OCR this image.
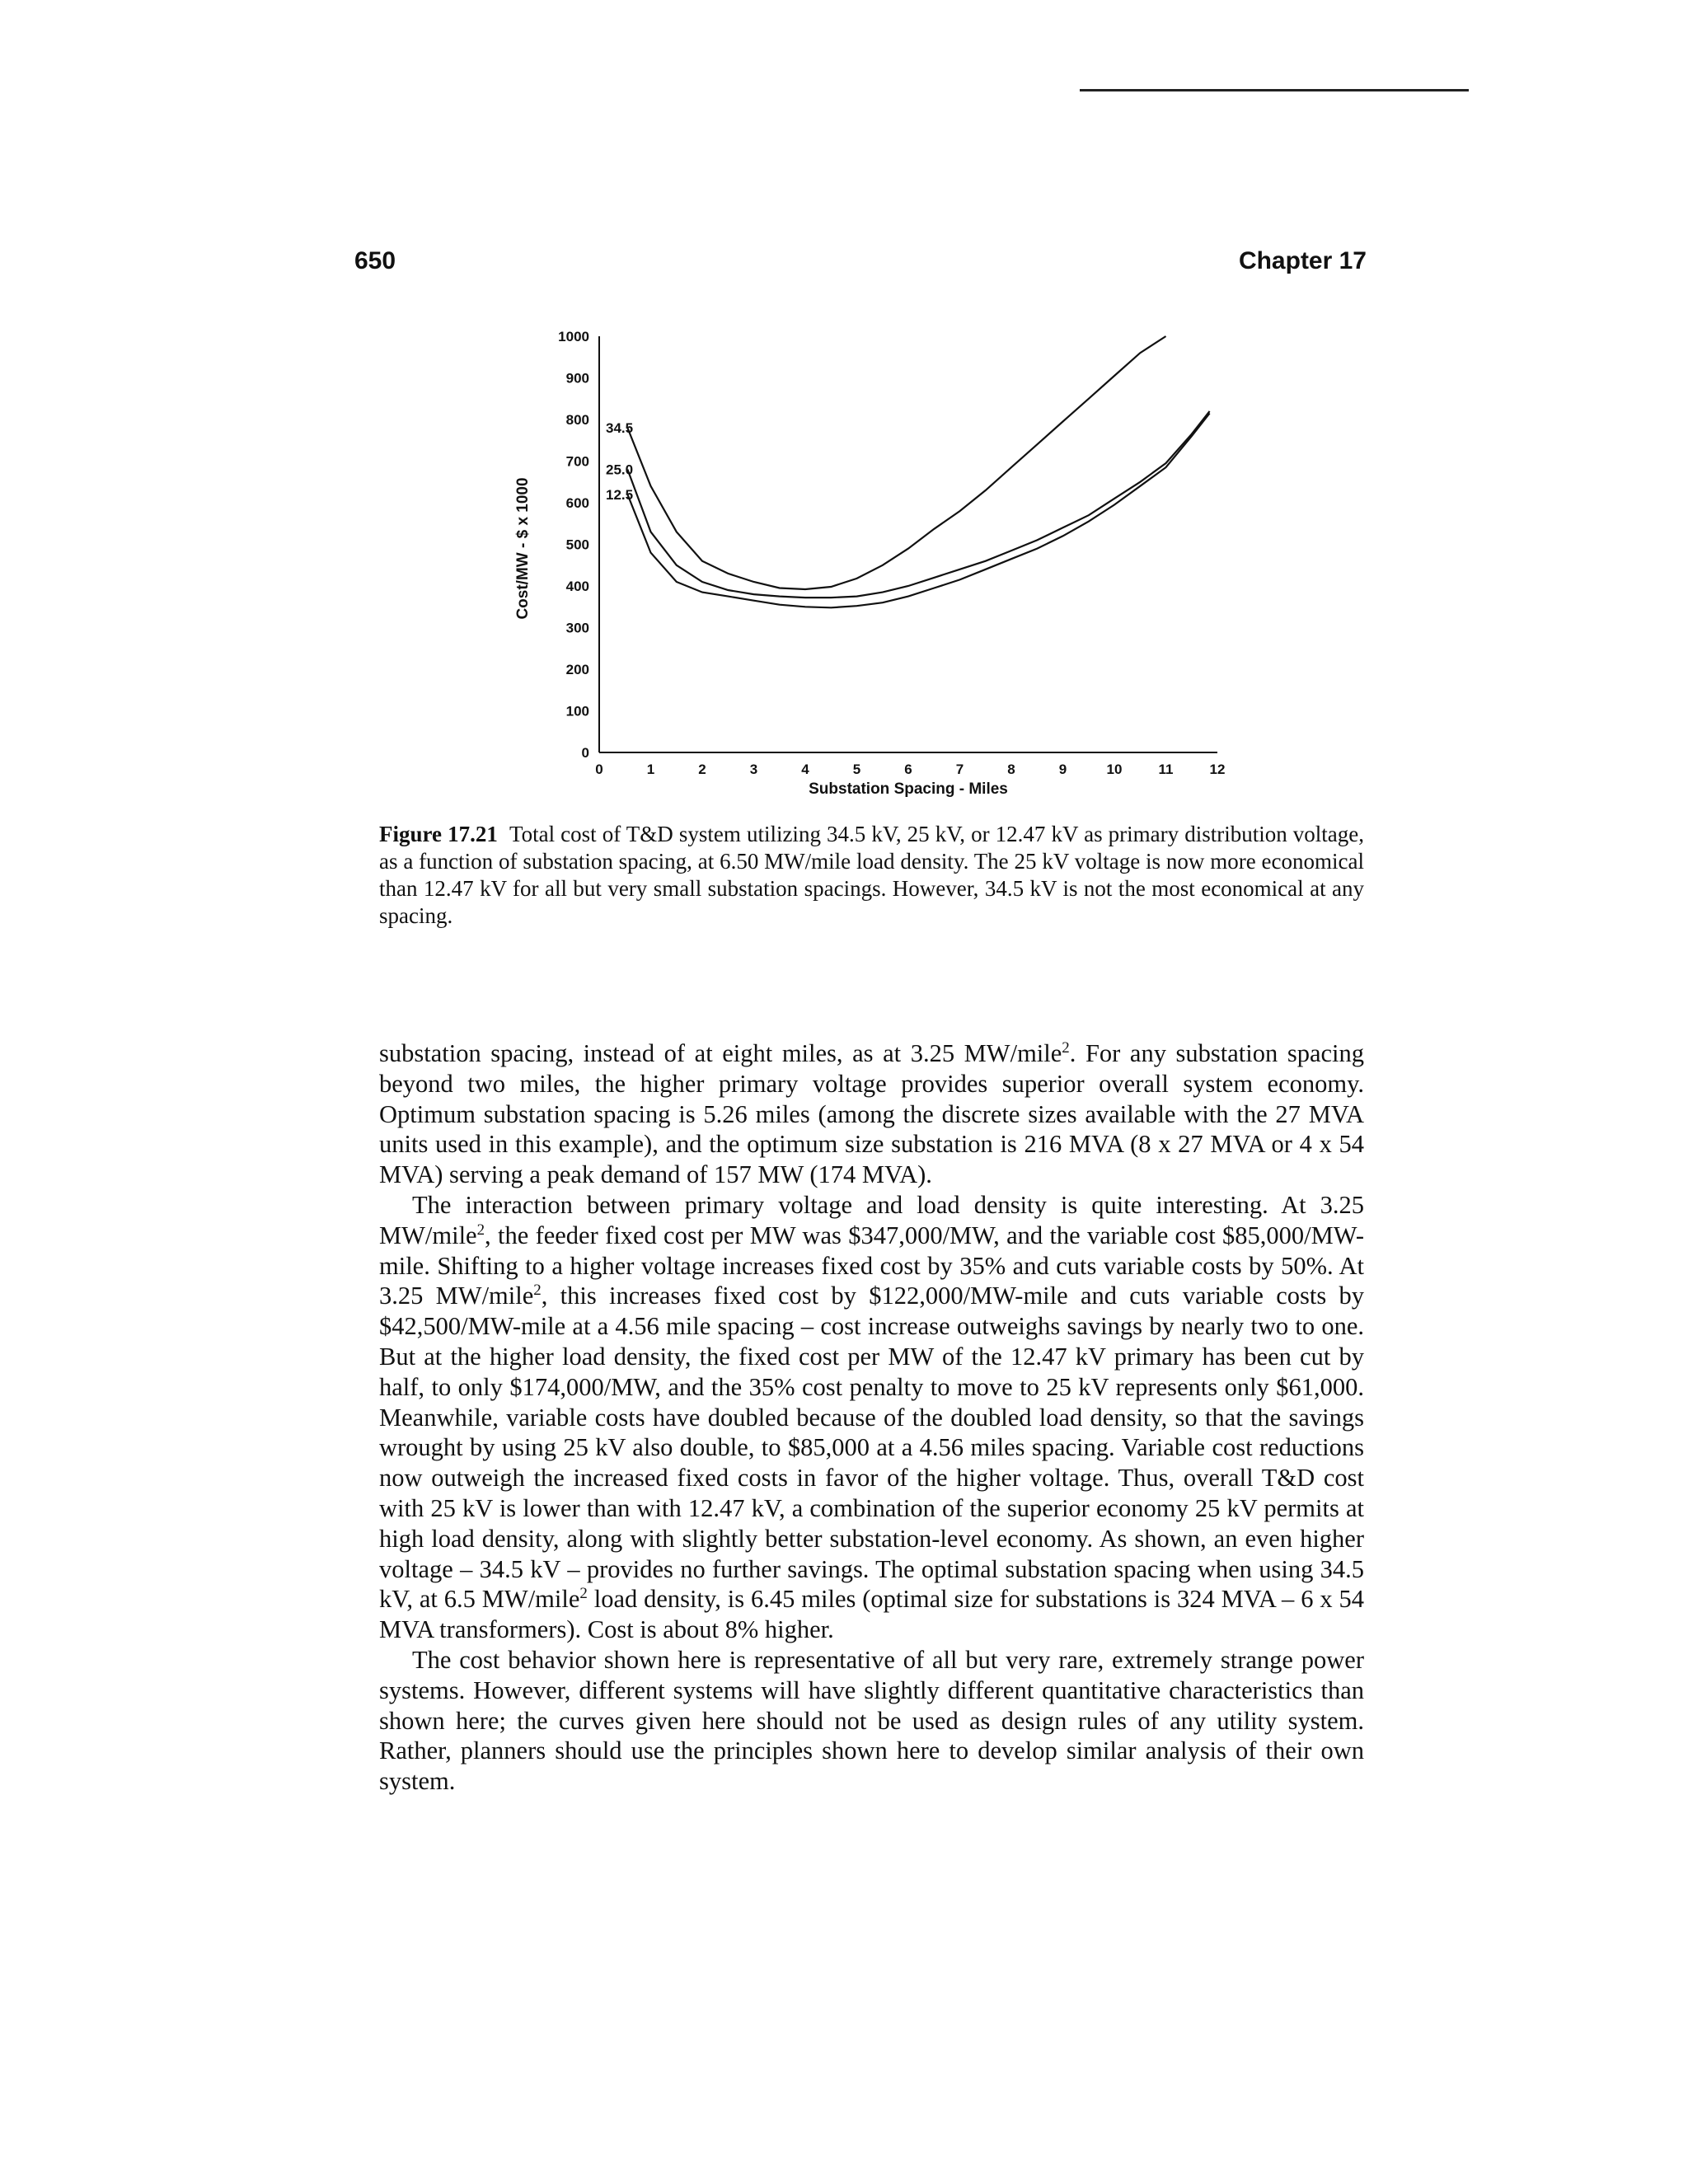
650	Chapter 17
0
100
200
300
400
500
600
700
800
900
1000
0	1	2	3	4	5	6	7	8	9	10	11	12
34.5
25.0
12.5
Substation Spacing - Miles
Cost/MW - $ x 1000
Figure 17.21 Total cost of T&D system utilizing 34.5 kV, 25 kV, or 12.47 kV as primary distribution voltage, as a function of substation spacing, at 6.50 MW/mile load density. The 25 kV voltage is now more economical than 12.47 kV for all but very small substation spacings. However, 34.5 kV is not the most economical at any spacing.

substation spacing, instead of at eight miles, as at 3.25 MW/mile$^2$. For any substation spacing beyond two miles, the higher primary voltage provides superior overall system economy. Optimum substation spacing is 5.26 miles (among the discrete sizes available with the 27 MVA units used in this example), and the optimum size substation is 216 MVA (8 x 27 MVA or 4 x 54 MVA) serving a peak demand of 157 MW (174 MVA).

The interaction between primary voltage and load density is quite interesting. At 3.25 MW/mile$^2$, the feeder fixed cost per MW was $347,000/MW, and the variable cost $85,000/MW-mile. Shifting to a higher voltage increases fixed cost by 35% and cuts variable costs by 50%. At 3.25 MW/mile$^2$, this increases fixed cost by $122,000/MW-mile and cuts variable costs by $42,500/MW-mile at a 4.56 mile spacing – cost increase outweighs savings by nearly two to one. But at the higher load density, the fixed cost per MW of the 12.47 kV primary has been cut by half, to only $174,000/MW, and the 35% cost penalty to move to 25 kV represents only $61,000. Meanwhile, variable costs have doubled because of the doubled load density, so that the savings wrought by using 25 kV also double, to $85,000 at a 4.56 miles spacing. Variable cost reductions now outweigh the increased fixed costs in favor of the higher voltage. Thus, overall T&D cost with 25 kV is lower than with 12.47 kV, a combination of the superior economy 25 kV permits at high load density, along with slightly better substation-level economy. As shown, an even higher voltage – 34.5 kV – provides no further savings. The optimal substation spacing when using 34.5 kV, at 6.5 MW/mile$^2$ load density, is 6.45 miles (optimal size for substations is 324 MVA – 6 x 54 MVA transformers). Cost is about 8% higher.

The cost behavior shown here is representative of all but very rare, extremely strange power systems. However, different systems will have slightly different quantitative characteristics than shown here; the curves given here should not be used as design rules of any utility system. Rather, planners should use the principles shown here to develop similar analysis of their own system.
